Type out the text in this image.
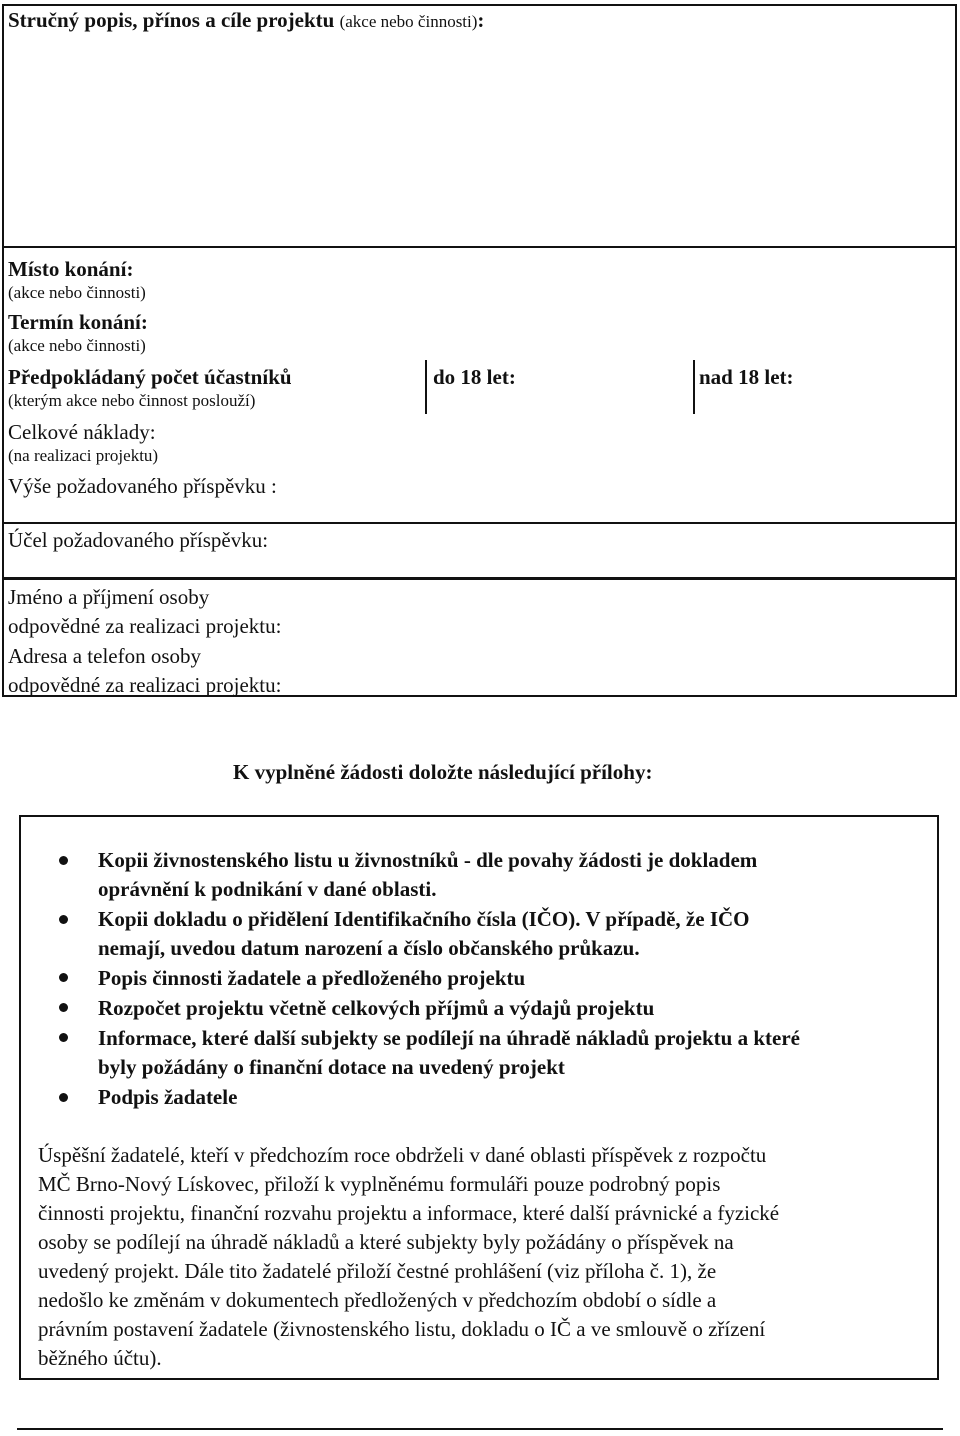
Stručný popis, přínos a cíle projektu (akce nebo činnosti):
Místo konání:
(akce nebo činnosti)
Termín konání:
(akce nebo činnosti)
Předpokládaný počet účastníků
(kterým akce nebo činnost poslouží)
do 18 let:	nad 18 let:
Celkové náklady:
(na realizaci projektu)
Výše požadovaného příspěvku :
Účel požadovaného příspěvku:
Jméno a příjmení osoby
odpovědné za realizaci projektu:
Adresa a telefon osoby
odpovědné za realizaci projektu:
K vyplněné žádosti doložte následující přílohy:
Kopii živnostenského listu u živnostníků - dle povahy žádosti je dokladem
oprávnění k podnikání v dané oblasti.
Kopii dokladu o přidělení Identifikačního čísla (IČO). V případě, že IČO
nemají, uvedou datum narození a číslo občanského průkazu.
Popis činnosti žadatele a předloženého projektu
Rozpočet projektu včetně celkových příjmů a výdajů projektu
Informace, které další subjekty se podílejí na úhradě nákladů projektu a které
byly požádány o finanční dotace na uvedený projekt
Podpis žadatele
Úspěšní žadatelé, kteří v předchozím roce obdrželi v dané oblasti příspěvek z rozpočtu
MČ Brno-Nový Lískovec, přiloží k vyplněnému formuláři pouze podrobný popis
činnosti projektu, finanční rozvahu projektu a informace, které další právnické a fyzické
osoby se podílejí na úhradě nákladů a které subjekty byly požádány o příspěvek na
uvedený projekt. Dále tito žadatelé přiloží čestné prohlášení (viz příloha č. 1), že
nedošlo ke změnám v dokumentech předložených v předchozím období o sídle a
právním postavení žadatele (živnostenského listu, dokladu o IČ a ve smlouvě o zřízení
běžného účtu).
